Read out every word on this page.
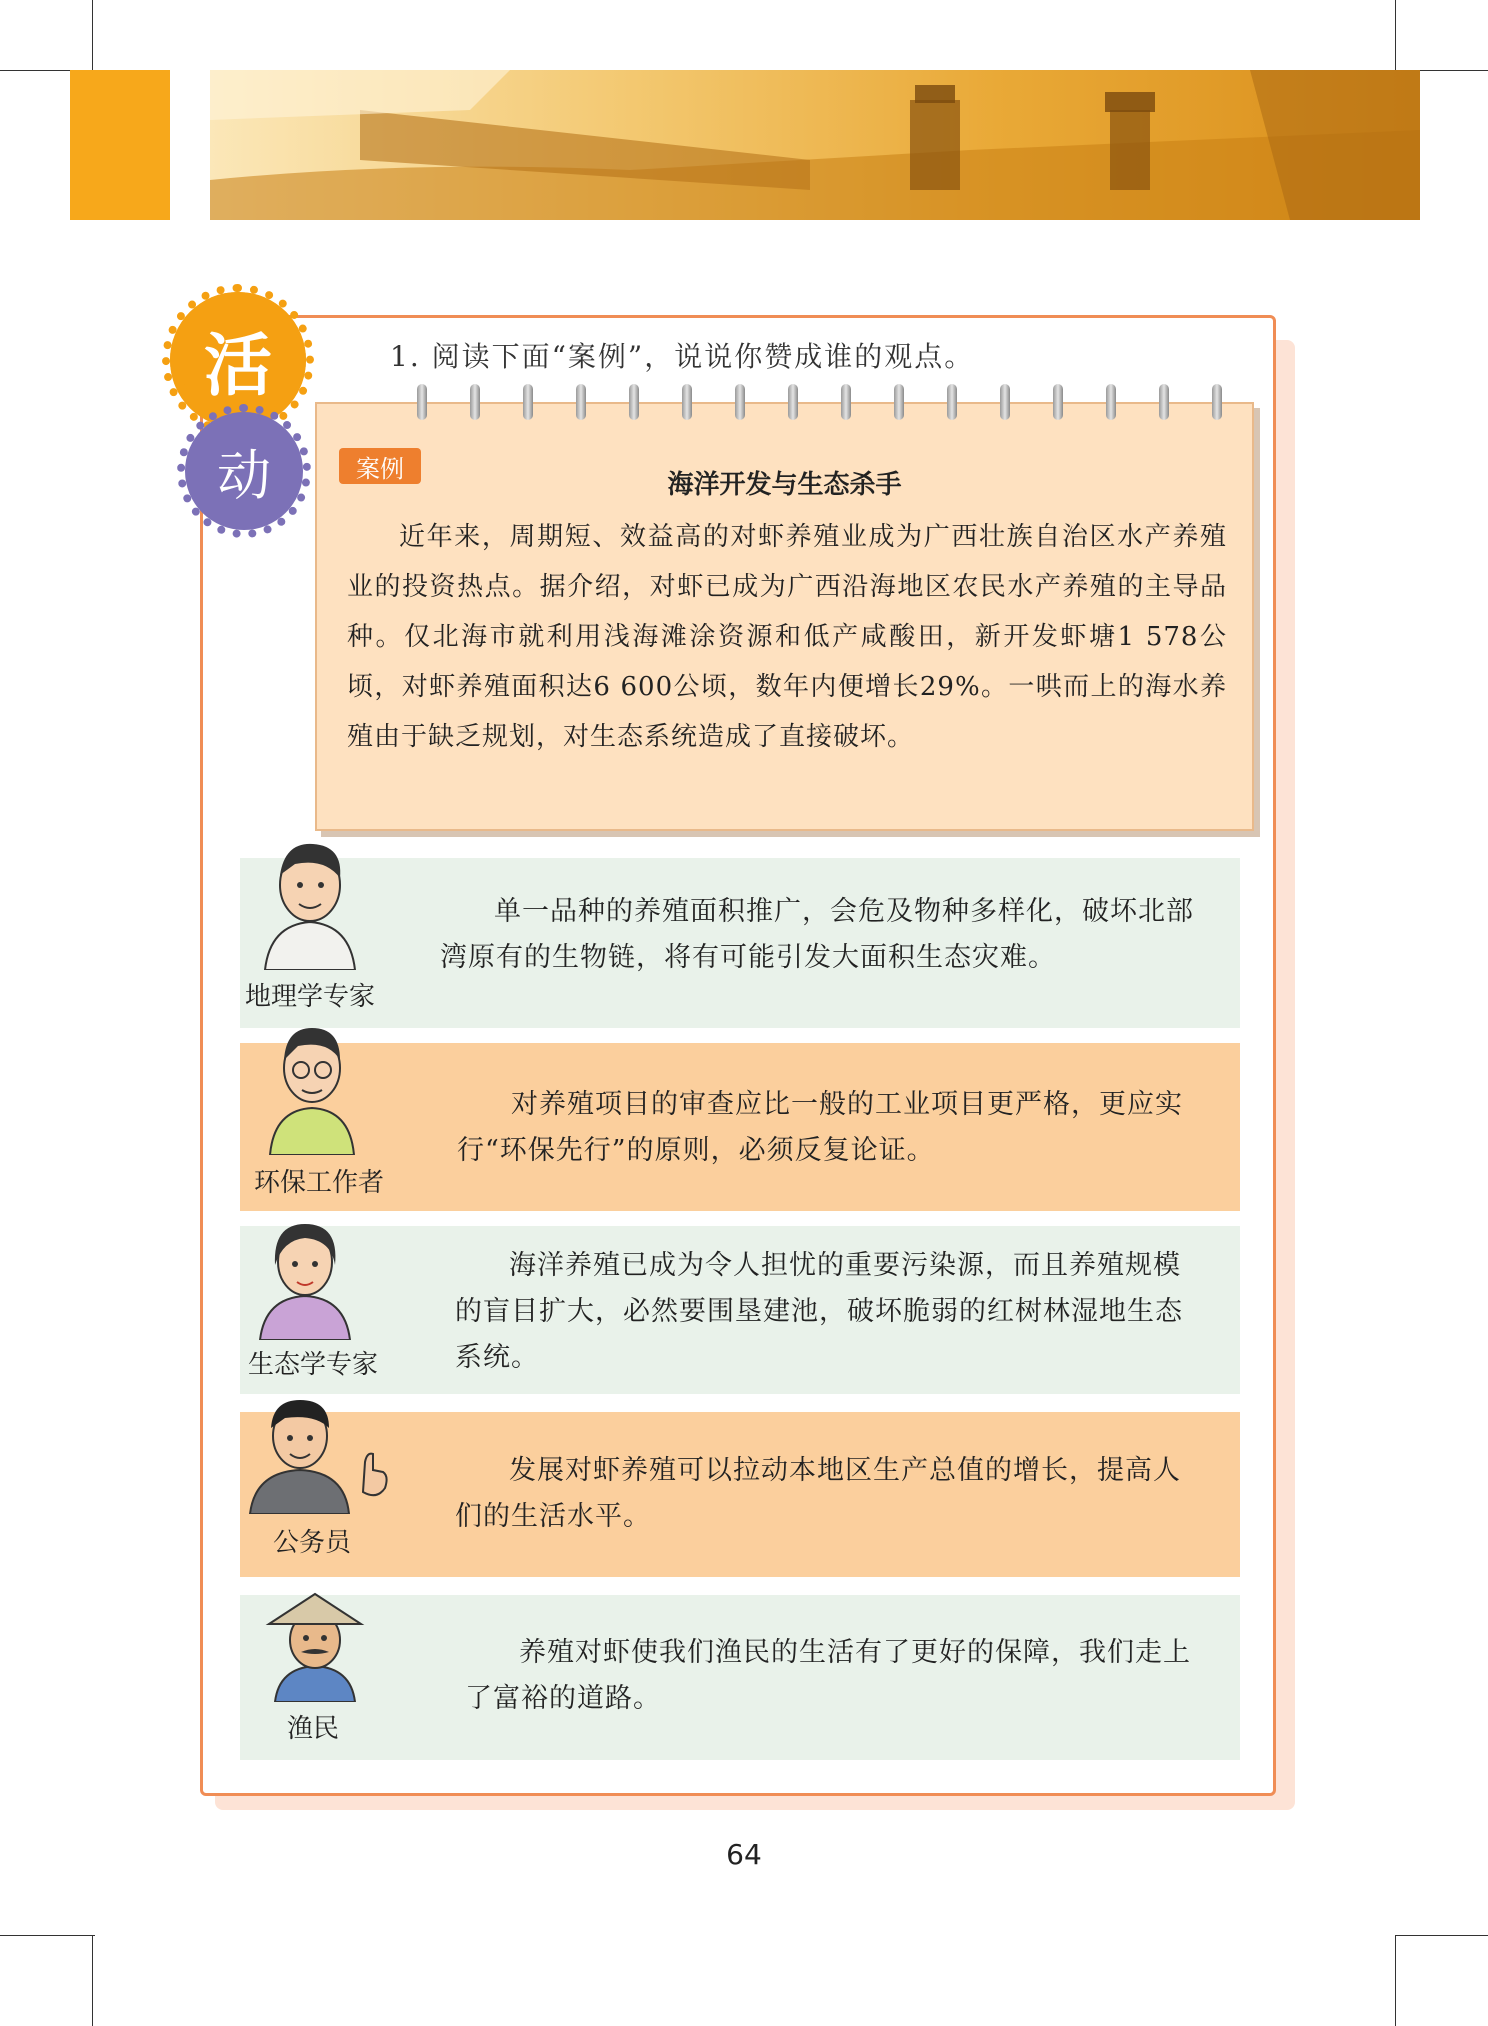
活
动
1. 阅读下面“案例”，说说你赞成谁的观点。
案例
海洋开发与生态杀手
近年来，周期短、效益高的对虾养殖业成为广西壮族自治区水产养殖业的投资热点。据介绍，对虾已成为广西沿海地区农民水产养殖的主导品种。仅北海市就利用浅海滩涂资源和低产咸酸田，新开发虾塘1 578公顷，对虾养殖面积达6 600公顷，数年内便增长29%。一哄而上的海水养殖由于缺乏规划，对生态系统造成了直接破坏。
地理学专家
单一品种的养殖面积推广，会危及物种多样化，破坏北部湾原有的生物链，将有可能引发大面积生态灾难。
环保工作者
对养殖项目的审查应比一般的工业项目更严格，更应实行“环保先行”的原则，必须反复论证。
生态学专家
海洋养殖已成为令人担忧的重要污染源，而且养殖规模的盲目扩大，必然要围垦建池，破坏脆弱的红树林湿地生态系统。
公务员
发展对虾养殖可以拉动本地区生产总值的增长，提高人们的生活水平。
渔民
养殖对虾使我们渔民的生活有了更好的保障，我们走上了富裕的道路。
64
